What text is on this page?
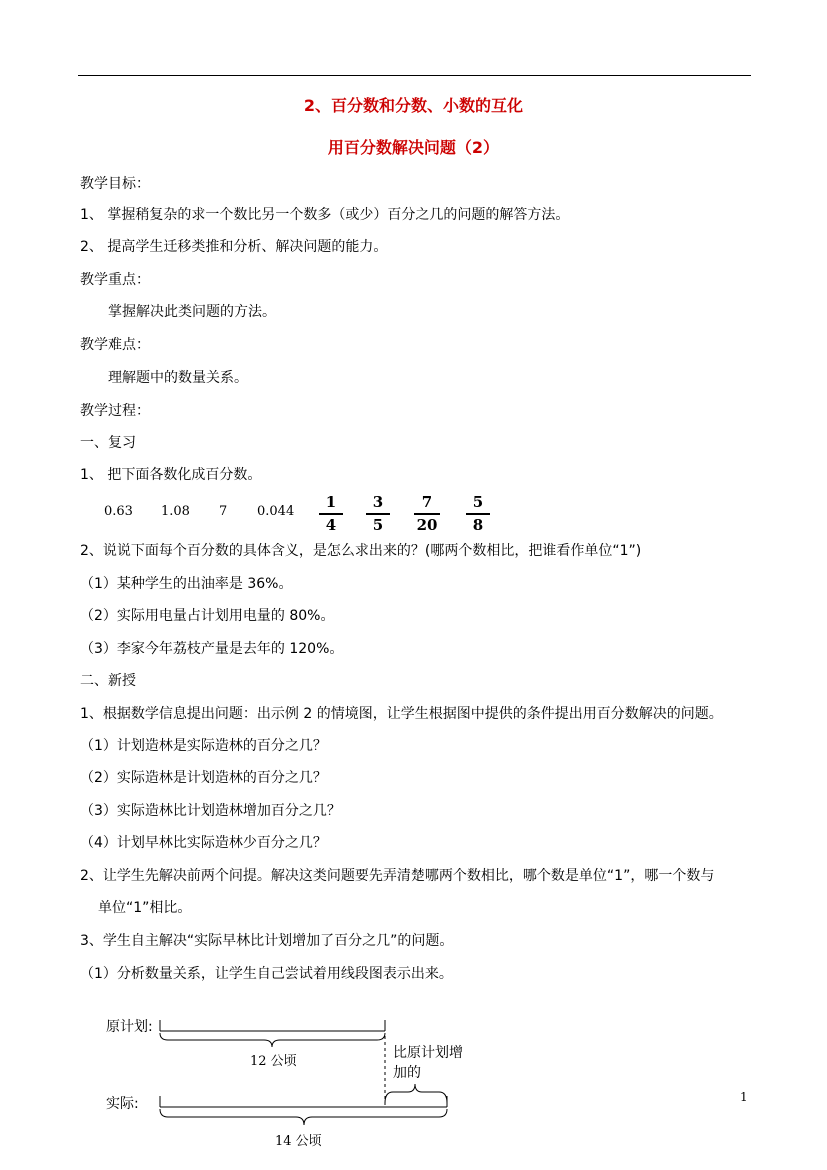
2、百分数和分数、小数的互化
用百分数解决问题（2）
教学目标：
1、 掌握稍复杂的求一个数比另一个数多（或少）百分之几的问题的解答方法。
2、 提高学生迁移类推和分析、解决问题的能力。
教学重点：
掌握解决此类问题的方法。
教学难点：
理解题中的数量关系。
教学过程：
一、复习
1、 把下面各数化成百分数。
0.63 1.08 7 0.044
1
4
3
5
7
20
5
8
2、说说下面每个百分数的具体含义，是怎么求出来的？(哪两个数相比，把谁看作单位“1”)
（1）某种学生的出油率是 36%。
（2）实际用电量占计划用电量的 80%。
（3）李家今年荔枝产量是去年的 120%。
二、新授
1、根据数学信息提出问题：出示例 2 的情境图，让学生根据图中提供的条件提出用百分数解决的问题。
（1）计划造林是实际造林的百分之几？
（2）实际造林是计划造林的百分之几？
（3）实际造林比计划造林增加百分之几？
（4）计划早林比实际造林少百分之几？
2、让学生先解决前两个问提。解决这类问题要先弄清楚哪两个数相比，哪个数是单位“1”，哪一个数与
单位“1”相比。
3、学生自主解决“实际早林比计划增加了百分之几”的问题。
（1）分析数量关系，让学生自己尝试着用线段图表示出来。
原计划:
12 公顷
比原计划增
加的
实际:
14 公顷
1
